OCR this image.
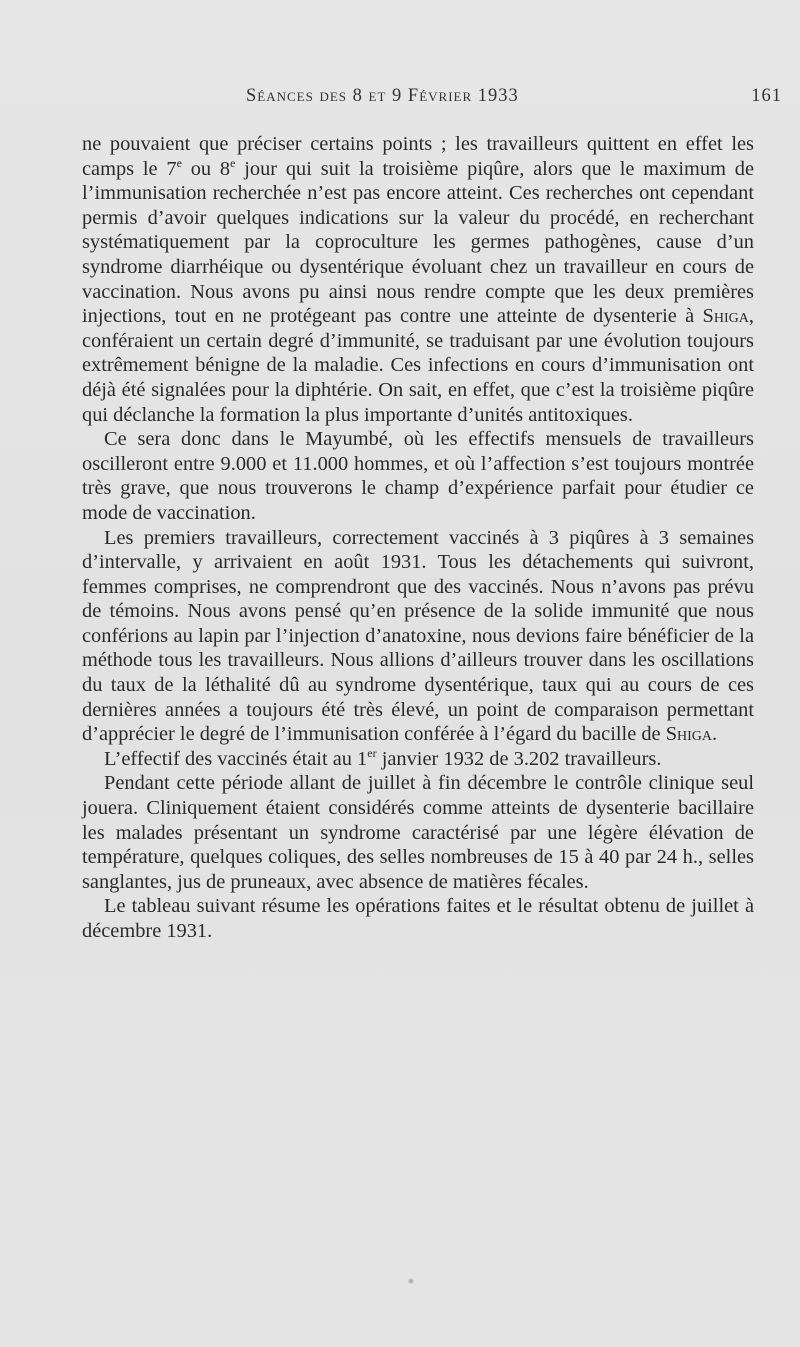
Séances des 8 et 9 Février 1933	161

ne pouvaient que préciser certains points ; les travailleurs quittent en effet les camps le 7e ou 8e jour qui suit la troisième piqûre, alors que le maximum de l’immunisation recherchée n’est pas encore atteint. Ces recherches ont cependant permis d’avoir quelques indications sur la valeur du procédé, en recherchant systématiquement par la coproculture les germes pathogènes, cause d’un syndrome diarrhéique ou dysentérique évoluant chez un travailleur en cours de vaccination. Nous avons pu ainsi nous rendre compte que les deux premières injections, tout en ne protégeant pas contre une atteinte de dysenterie à Shiga, conféraient un certain degré d’immunité, se traduisant par une évolution toujours extrêmement bénigne de la maladie. Ces infections en cours d’immunisation ont déjà été signalées pour la diphtérie. On sait, en effet, que c’est la troisième piqûre qui déclanche la formation la plus importante d’unités antitoxiques.

Ce sera donc dans le Mayumbé, où les effectifs mensuels de travailleurs oscilleront entre 9.000 et 11.000 hommes, et où l’affection s’est toujours montrée très grave, que nous trouverons le champ d’expérience parfait pour étudier ce mode de vaccination.

Les premiers travailleurs, correctement vaccinés à 3 piqûres à 3 semaines d’intervalle, y arrivaient en août 1931. Tous les détachements qui suivront, femmes comprises, ne comprendront que des vaccinés. Nous n’avons pas prévu de témoins. Nous avons pensé qu’en présence de la solide immunité que nous conférions au lapin par l’injection d’anatoxine, nous devions faire bénéficier de la méthode tous les travailleurs. Nous allions d’ailleurs trouver dans les oscillations du taux de la léthalité dû au syndrome dysentérique, taux qui au cours de ces dernières années a toujours été très élevé, un point de comparaison permettant d’apprécier le degré de l’immunisation conférée à l’égard du bacille de Shiga.

L’effectif des vaccinés était au 1er janvier 1932 de 3.202 travailleurs.

Pendant cette période allant de juillet à fin décembre le contrôle clinique seul jouera. Cliniquement étaient considérés comme atteints de dysenterie bacillaire les malades présentant un syndrome caractérisé par une légère élévation de température, quelques coliques, des selles nombreuses de 15 à 40 par 24 h., selles sanglantes, jus de pruneaux, avec absence de matières fécales.

Le tableau suivant résume les opérations faites et le résultat obtenu de juillet à décembre 1931.
